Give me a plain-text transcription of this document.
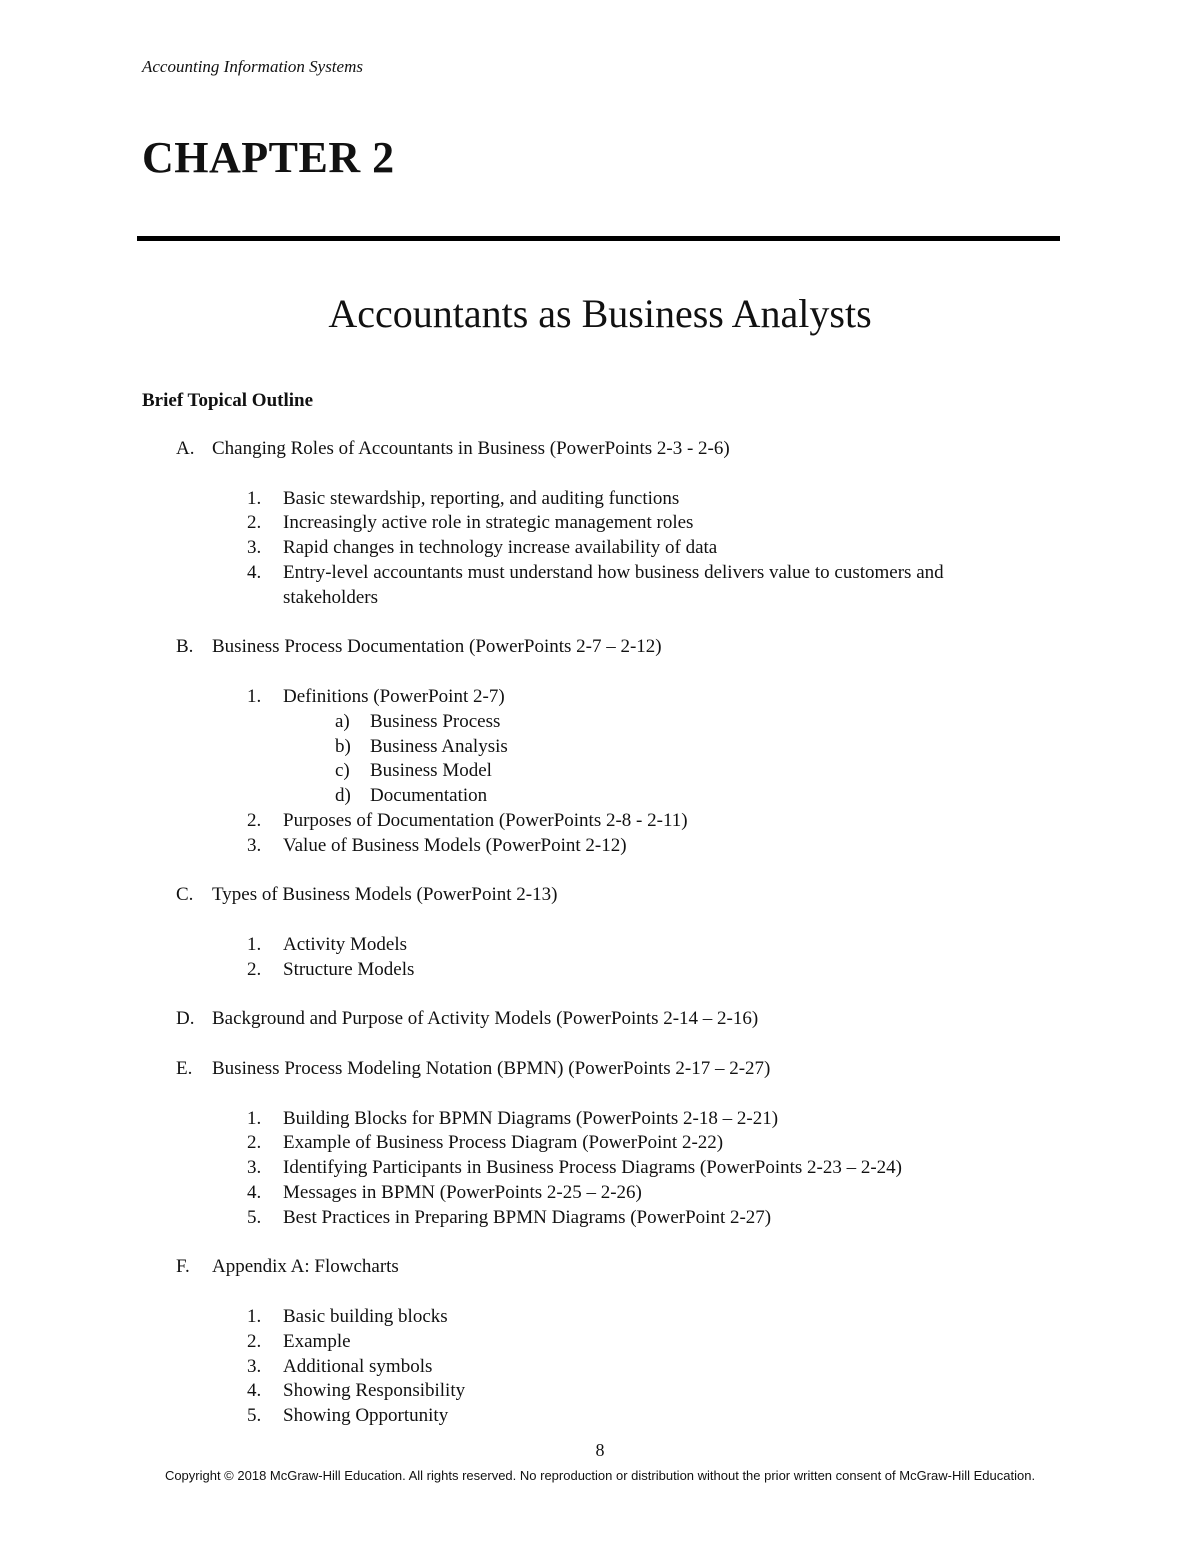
Accounting Information Systems
CHAPTER 2
Accountants as Business Analysts
Brief Topical Outline
A. Changing Roles of Accountants in Business (PowerPoints 2-3 - 2-6)
1. Basic stewardship, reporting, and auditing functions
2. Increasingly active role in strategic management roles
3. Rapid changes in technology increase availability of data
4. Entry-level accountants must understand how business delivers value to customers and
stakeholders
B. Business Process Documentation (PowerPoints 2-7 – 2-12)
1. Definitions (PowerPoint 2-7)
a) Business Process
b) Business Analysis
c) Business Model
d) Documentation
2. Purposes of Documentation (PowerPoints 2-8 - 2-11)
3. Value of Business Models (PowerPoint 2-12)
C. Types of Business Models (PowerPoint 2-13)
1. Activity Models
2. Structure Models
D. Background and Purpose of Activity Models (PowerPoints 2-14 – 2-16)
E. Business Process Modeling Notation (BPMN) (PowerPoints 2-17 – 2-27)
1. Building Blocks for BPMN Diagrams (PowerPoints 2-18 – 2-21)
2. Example of Business Process Diagram (PowerPoint 2-22)
3. Identifying Participants in Business Process Diagrams (PowerPoints 2-23 – 2-24)
4. Messages in BPMN (PowerPoints 2-25 – 2-26)
5. Best Practices in Preparing BPMN Diagrams (PowerPoint 2-27)
F. Appendix A: Flowcharts
1. Basic building blocks
2. Example
3. Additional symbols
4. Showing Responsibility
5. Showing Opportunity
8
Copyright © 2018 McGraw-Hill Education. All rights reserved. No reproduction or distribution without the prior written consent of McGraw-Hill Education.
